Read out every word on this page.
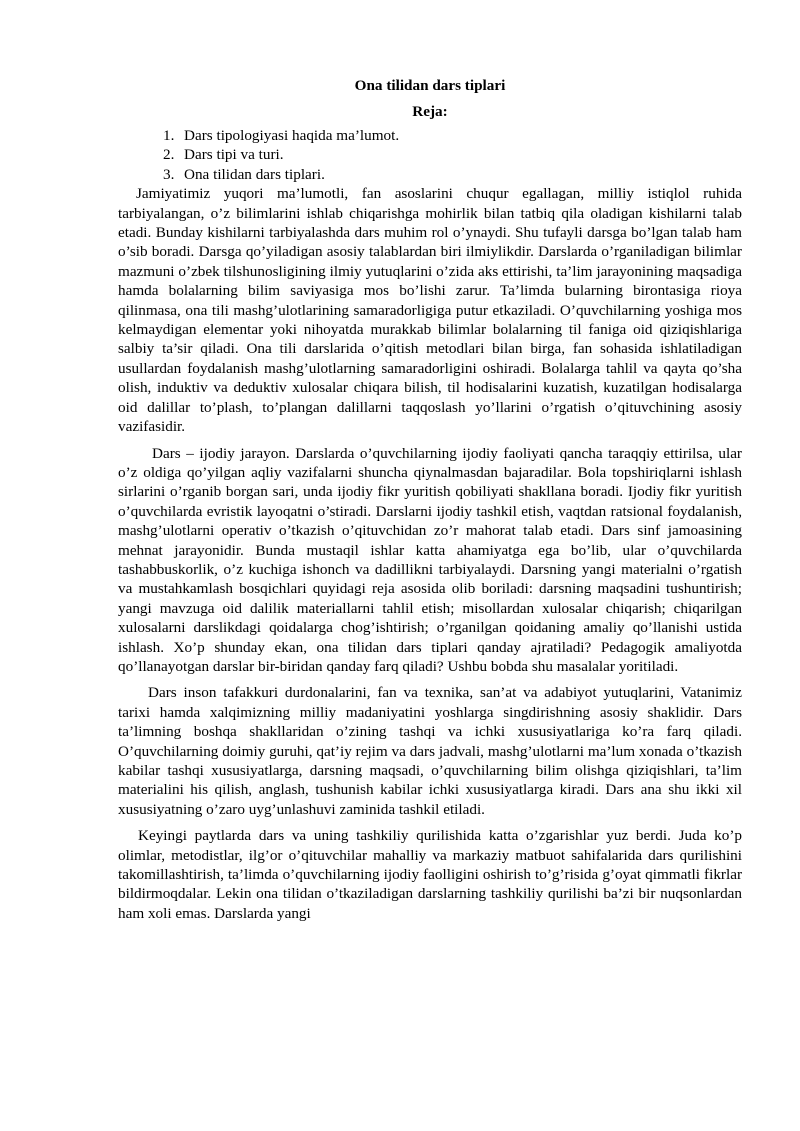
Ona tilidan dars tiplari
Reja:
1. Dars tipologiyasi haqida ma’lumot.
2. Dars tipi va turi.
3. Ona tilidan dars tiplari.

Jamiyatimiz yuqori ma’lumotli, fan asoslarini chuqur egallagan, milliy istiqlol ruhida tarbiyalangan, o’z bilimlarini ishlab chiqarishga mohirlik bilan tatbiq qila oladigan kishilarni talab etadi. Bunday kishilarni tarbiyalashda dars muhim rol o’ynaydi. Shu tufayli darsga bo’lgan talab ham o’sib boradi. Darsga qo’yiladigan asosiy talablardan biri ilmiylikdir. Darslarda o’rganiladigan bilimlar mazmuni o’zbek tilshunosligining ilmiy yutuqlarini o’zida aks ettirishi, ta’lim jarayonining maqsadiga hamda bolalarning bilim saviyasiga mos bo’lishi zarur. Ta’limda bularning birontasiga rioya qilinmasa, ona tili mashg’ulotlarining samaradorligiga putur etkaziladi. O’quvchilarning yoshiga mos kelmaydigan elementar yoki nihoyatda murakkab bilimlar bolalarning til faniga oid qiziqishlariga salbiy ta’sir qiladi. Ona tili darslarida o’qitish metodlari bilan birga, fan sohasida ishlatiladigan usullardan foydalanish mashg’ulotlarning samaradorligini oshiradi. Bolalarga tahlil va qayta qo’sha olish, induktiv va deduktiv xulosalar chiqara bilish, til hodisalarini kuzatish, kuzatilgan hodisalarga oid dalillar to’plash, to’plangan dalillarni taqqoslash yo’llarini o’rgatish o’qituvchining asosiy vazifasidir.

Dars – ijodiy jarayon. Darslarda o’quvchilarning ijodiy faoliyati qancha taraqqiy ettirilsa, ular o’z oldiga qo’yilgan aqliy vazifalarni shuncha qiynalmasdan bajaradilar. Bola topshiriqlarni ishlash sirlarini o’rganib borgan sari, unda ijodiy fikr yuritish qobiliyati shakllana boradi. Ijodiy fikr yuritish o’quvchilarda evristik layoqatni o’stiradi. Darslarni ijodiy tashkil etish, vaqtdan ratsional foydalanish, mashg’ulotlarni operativ o’tkazish o’qituvchidan zo’r mahorat talab etadi. Dars sinf jamoasining mehnat jarayonidir. Bunda mustaqil ishlar katta ahamiyatga ega bo’lib, ular o’quvchilarda tashabbuskorlik, o’z kuchiga ishonch va dadillikni tarbiyalaydi. Darsning yangi materialni o’rgatish va mustahkamlash bosqichlari quyidagi reja asosida olib boriladi: darsning maqsadini tushuntirish; yangi mavzuga oid dalilik materiallarni tahlil etish; misollardan xulosalar chiqarish; chiqarilgan xulosalarni darslikdagi qoidalarga chog’ishtirish; o’rganilgan qoidaning amaliy qo’llanishi ustida ishlash. Xo’p shunday ekan, ona tilidan dars tiplari qanday ajratiladi? Pedagogik amaliyotda qo’llanayotgan darslar bir-biridan qanday farq qiladi? Ushbu bobda shu masalalar yoritiladi.

Dars inson tafakkuri durdonalarini, fan va texnika, san’at va adabiyot yutuqlarini, Vatanimiz tarixi hamda xalqimizning milliy madaniyatini yoshlarga singdirishning asosiy shaklidir. Dars ta’limning boshqa shakllaridan o’zining tashqi va ichki xususiyatlariga ko’ra farq qiladi. O’quvchilarning doimiy guruhi, qat’iy rejim va dars jadvali, mashg’ulotlarni ma’lum xonada o’tkazish kabilar tashqi xususiyatlarga, darsning maqsadi, o’quvchilarning bilim olishga qiziqishlari, ta’lim materialini his qilish, anglash, tushunish kabilar ichki xususiyatlarga kiradi. Dars ana shu ikki xil xususiyatning o’zaro uyg’unlashuvi zaminida tashkil etiladi.

Keyingi paytlarda dars va uning tashkiliy qurilishida katta o’zgarishlar yuz berdi. Juda ko’p olimlar, metodistlar, ilg’or o’qituvchilar mahalliy va markaziy matbuot sahifalarida dars qurilishini takomillashtirish, ta’limda o’quvchilarning ijodiy faolligini oshirish to’g’risida g’oyat qimmatli fikrlar bildirmoqdalar. Lekin ona tilidan o’tkaziladigan darslarning tashkiliy qurilishi ba’zi bir nuqsonlardan ham xoli emas. Darslarda yangi
